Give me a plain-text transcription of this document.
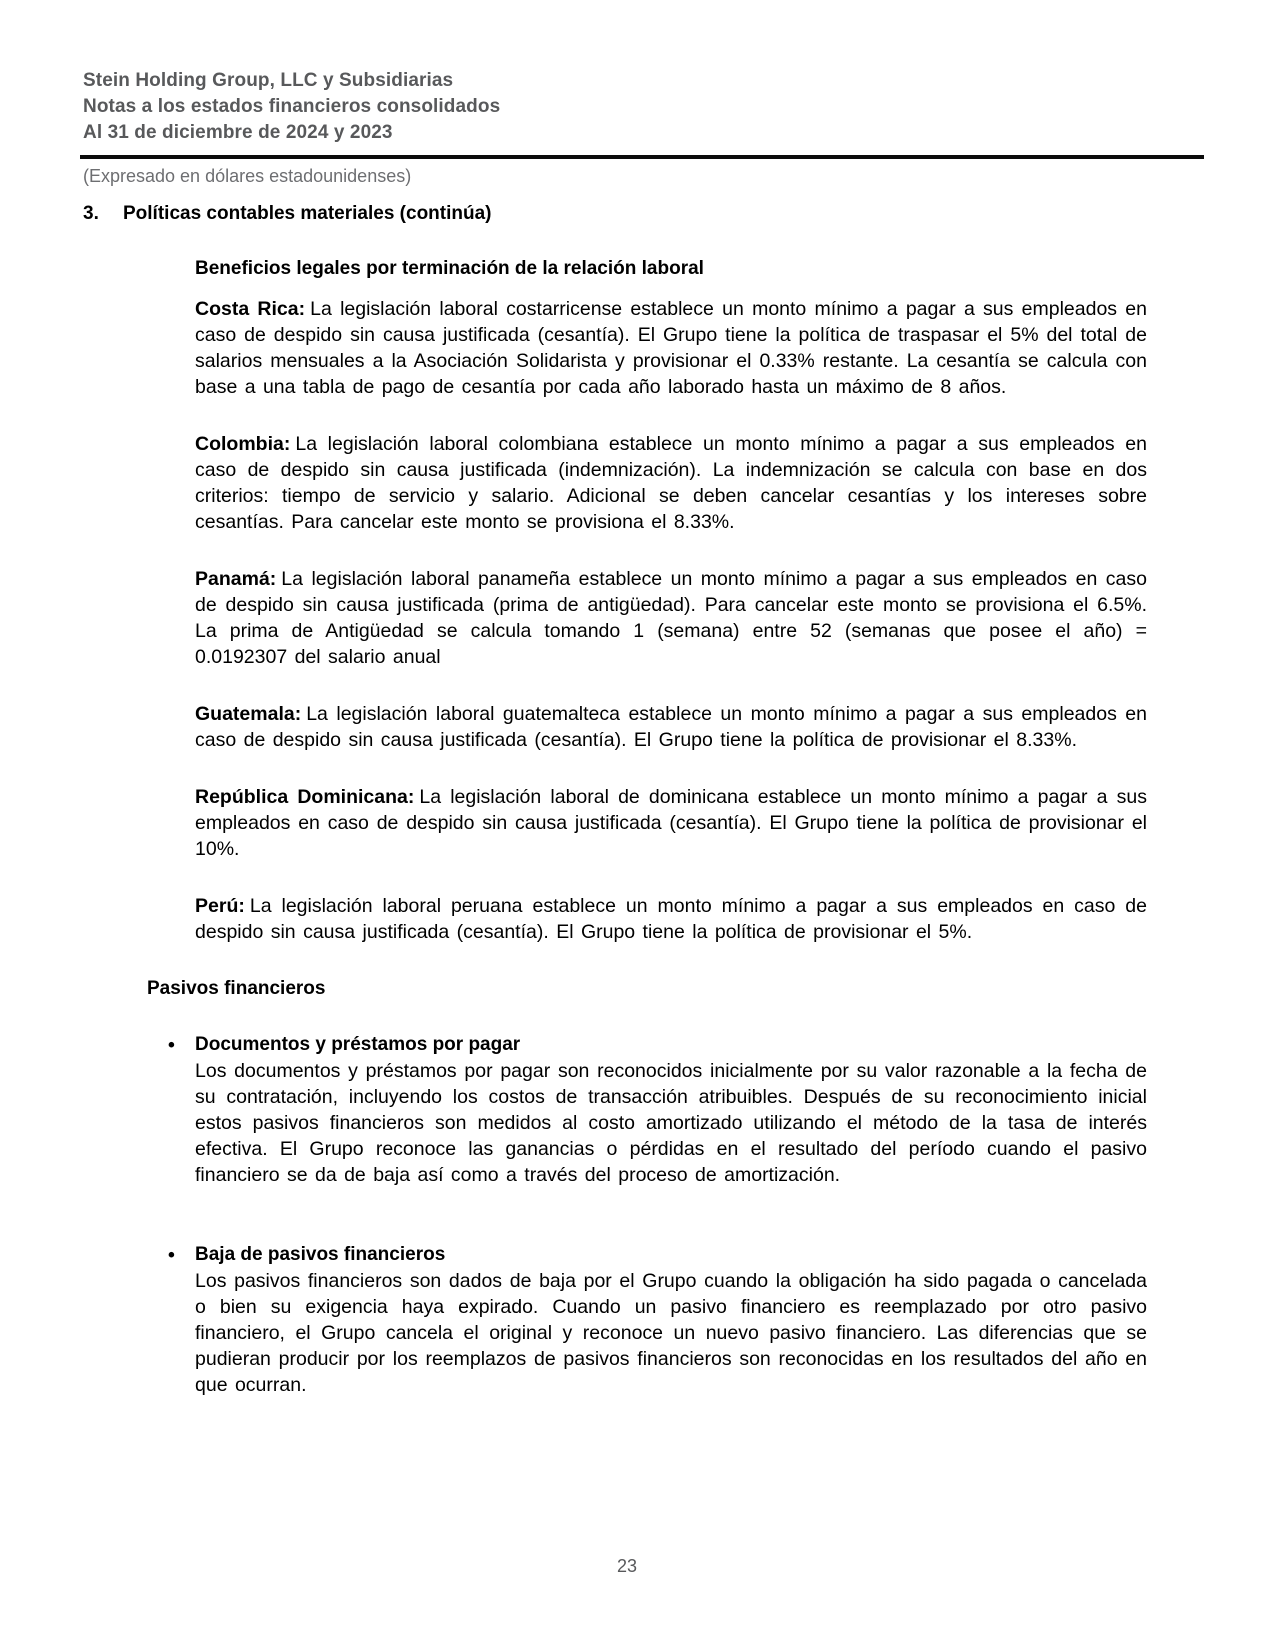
Stein Holding Group, LLC y Subsidiarias
Notas a los estados financieros consolidados
Al 31 de diciembre de 2024 y 2023
(Expresado en dólares estadounidenses)
3. Políticas contables materiales (continúa)
Beneficios legales por terminación de la relación laboral

Costa Rica: La legislación laboral costarricense establece un monto mínimo a pagar a sus empleados en caso de despido sin causa justificada (cesantía). El Grupo tiene la política de traspasar el 5% del total de salarios mensuales a la Asociación Solidarista y provisionar el 0.33% restante. La cesantía se calcula con base a una tabla de pago de cesantía por cada año laborado hasta un máximo de 8 años.

Colombia: La legislación laboral colombiana establece un monto mínimo a pagar a sus empleados en caso de despido sin causa justificada (indemnización). La indemnización se calcula con base en dos criterios: tiempo de servicio y salario. Adicional se deben cancelar cesantías y los intereses sobre cesantías. Para cancelar este monto se provisiona el 8.33%.

Panamá: La legislación laboral panameña establece un monto mínimo a pagar a sus empleados en caso de despido sin causa justificada (prima de antigüedad). Para cancelar este monto se provisiona el 6.5%. La prima de Antigüedad se calcula tomando 1 (semana) entre 52 (semanas que posee el año) = 0.0192307 del salario anual

Guatemala: La legislación laboral guatemalteca establece un monto mínimo a pagar a sus empleados en caso de despido sin causa justificada (cesantía). El Grupo tiene la política de provisionar el 8.33%.

República Dominicana: La legislación laboral de dominicana establece un monto mínimo a pagar a sus empleados en caso de despido sin causa justificada (cesantía). El Grupo tiene la política de provisionar el 10%.

Perú: La legislación laboral peruana establece un monto mínimo a pagar a sus empleados en caso de despido sin causa justificada (cesantía). El Grupo tiene la política de provisionar el 5%.

Pasivos financieros
•	Documentos y préstamos por pagar

Los documentos y préstamos por pagar son reconocidos inicialmente por su valor razonable a la fecha de su contratación, incluyendo los costos de transacción atribuibles. Después de su reconocimiento inicial estos pasivos financieros son medidos al costo amortizado utilizando el método de la tasa de interés efectiva. El Grupo reconoce las ganancias o pérdidas en el resultado del período cuando el pasivo financiero se da de baja así como a través del proceso de amortización.

•	Baja de pasivos financieros

Los pasivos financieros son dados de baja por el Grupo cuando la obligación ha sido pagada o cancelada o bien su exigencia haya expirado. Cuando un pasivo financiero es reemplazado por otro pasivo financiero, el Grupo cancela el original y reconoce un nuevo pasivo financiero. Las diferencias que se pudieran producir por los reemplazos de pasivos financieros son reconocidas en los resultados del año en que ocurran.

23
